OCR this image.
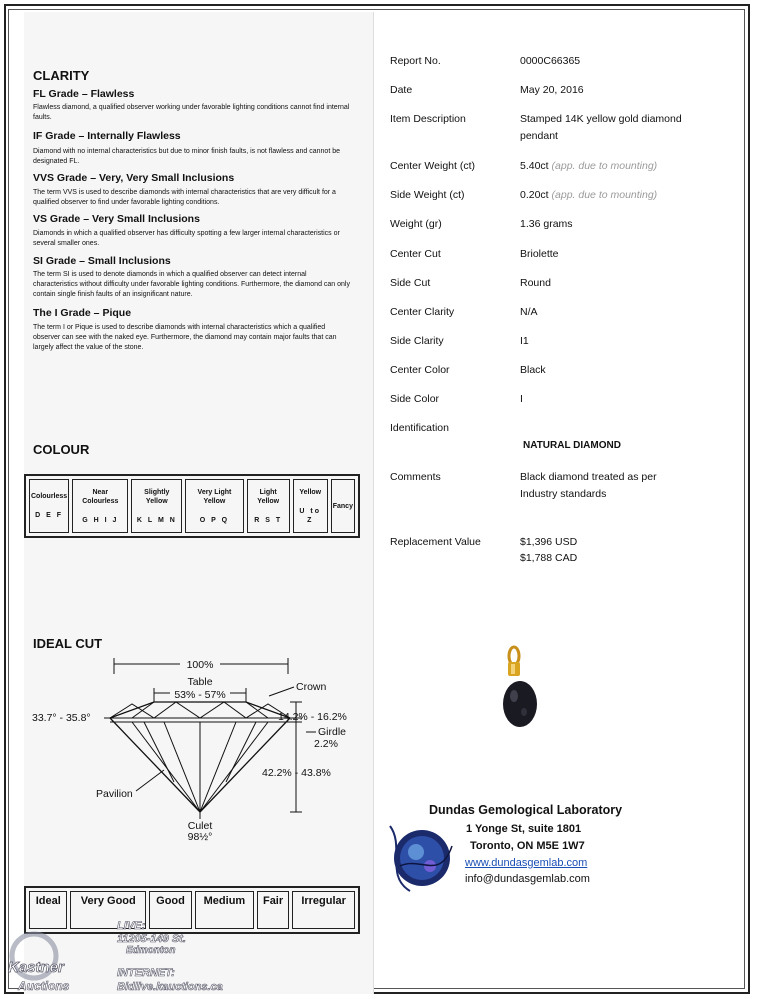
CLARITY
FL Grade – Flawless
Flawless diamond, a qualified observer working under favorable lighting conditions cannot find internal faults.
IF Grade – Internally Flawless
Diamond with no internal characteristics but due to minor finish faults, is not flawless and cannot be designated FL.
VVS Grade – Very, Very Small Inclusions
The term VVS is used to describe diamonds with internal characteristics that are very difficult for a qualified observer to find under favorable lighting conditions.
VS Grade – Very Small Inclusions
Diamonds in which a qualified observer has difficulty spotting a few larger internal characteristics or several smaller ones.
SI Grade – Small Inclusions
The term SI is used to denote diamonds in which a qualified observer can detect internal characteristics without difficulty under favorable lighting conditions. Furthermore, the diamond can only contain single finish faults of an insignificant nature.
The I Grade – Pique
The term I or Pique is used to describe diamonds with internal characteristics which a qualified observer can see with the naked eye. Furthermore, the diamond may contain major faults that can largely affect the value of the stone.
COLOUR
Colourless
D E F
	Near Colourless
G H I J
	Slightly Yellow
K L M N
	Very Light Yellow
O P Q
	Light Yellow
R S T
	Yellow
U to Z
	Fancy
IDEAL CUT
100%
Table
53% - 57%
Crown
33.7° - 35.8°	14.2% - 16.2%
Girdle
2.2%
42.2% - 43.8%
Pavilion
Culet
98½°
Ideal	Very Good	Good	Medium	Fair	Irregular
Report No.	0000C66365
Date	May 20, 2016
Item Description	Stamped 14K yellow gold diamond pendant
Center Weight (ct)	5.40ct (app. due to mounting)
Side Weight (ct)	0.20ct (app. due to mounting)
Weight (gr)	1.36 grams
Center Cut	Briolette
Side Cut	Round
Center Clarity	N/A
Side Clarity	I1
Center Color	Black
Side Color	I
Identification
NATURAL DIAMOND
Comments	Black diamond treated as per Industry standards
Replacement Value	$1,396 USD
$1,788 CAD
Dundas Gemological Laboratory
1 Yonge St, suite 1801
Toronto, ON M5E 1W7
www.dundasgemlab.com
info@dundasgemlab.com
Kastner
Auctions
LIVE:
11205-149 St.
Edmonton
INTERNET:
Bidlive.kauctions.ca
